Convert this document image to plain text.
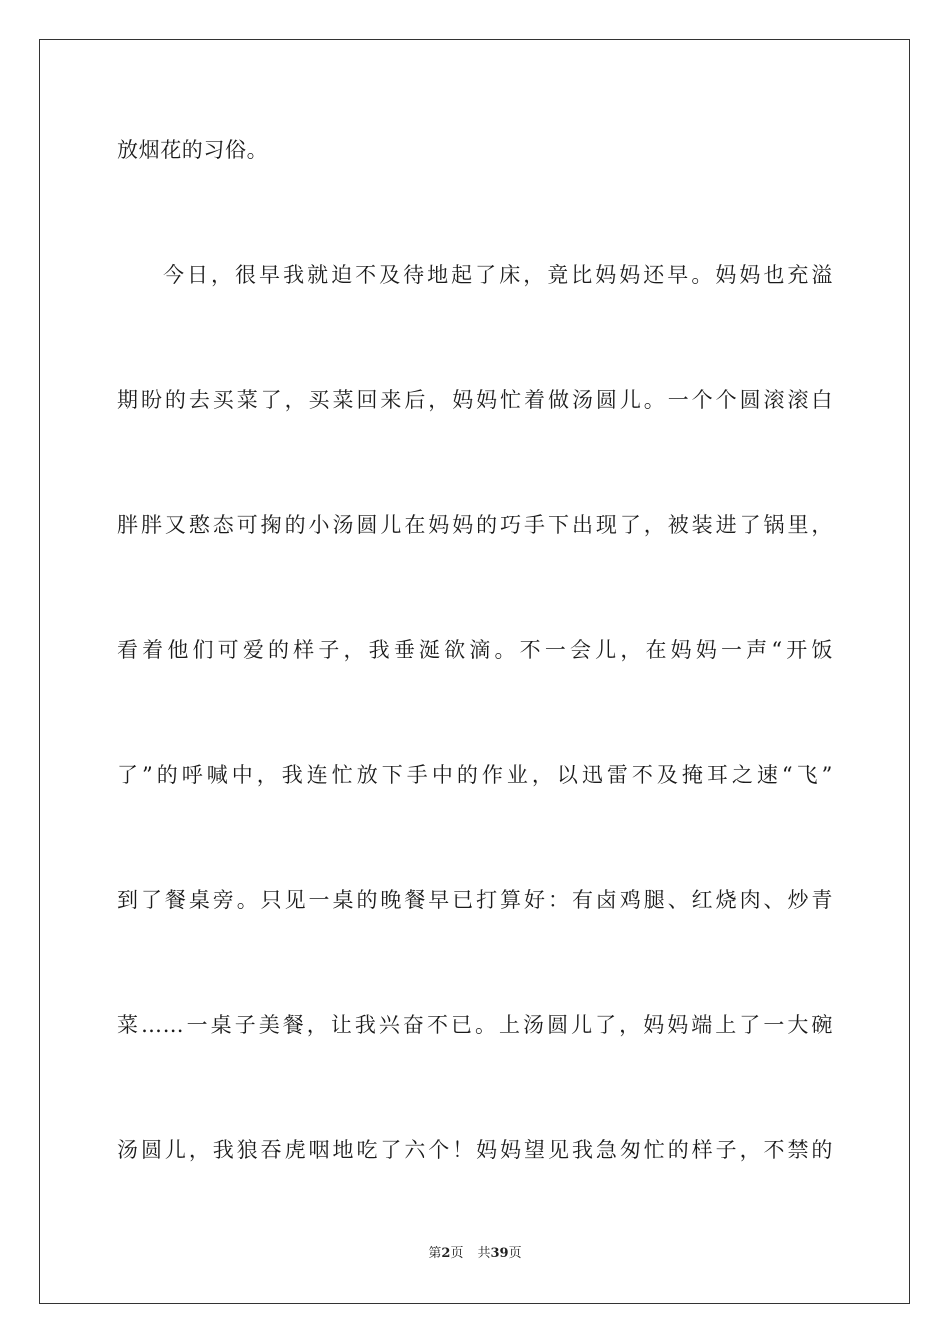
放烟花的习俗。
今日，很早我就迫不及待地起了床，竟比妈妈还早。妈妈也充溢
期盼的去买菜了，买菜回来后，妈妈忙着做汤圆儿。一个个圆滚滚白
胖胖又憨态可掬的小汤圆儿在妈妈的巧手下出现了，被装进了锅里，
看着他们可爱的样子，我垂涎欲滴。不一会儿，在妈妈一声“开饭
了”的呼喊中，我连忙放下手中的作业，以迅雷不及掩耳之速“飞”
到了餐桌旁。只见一桌的晚餐早已打算好：有卤鸡腿、红烧肉、炒青
菜……一桌子美餐，让我兴奋不已。上汤圆儿了，妈妈端上了一大碗
汤圆儿，我狼吞虎咽地吃了六个！妈妈望见我急匆忙的样子，不禁的
第2页 共39页
